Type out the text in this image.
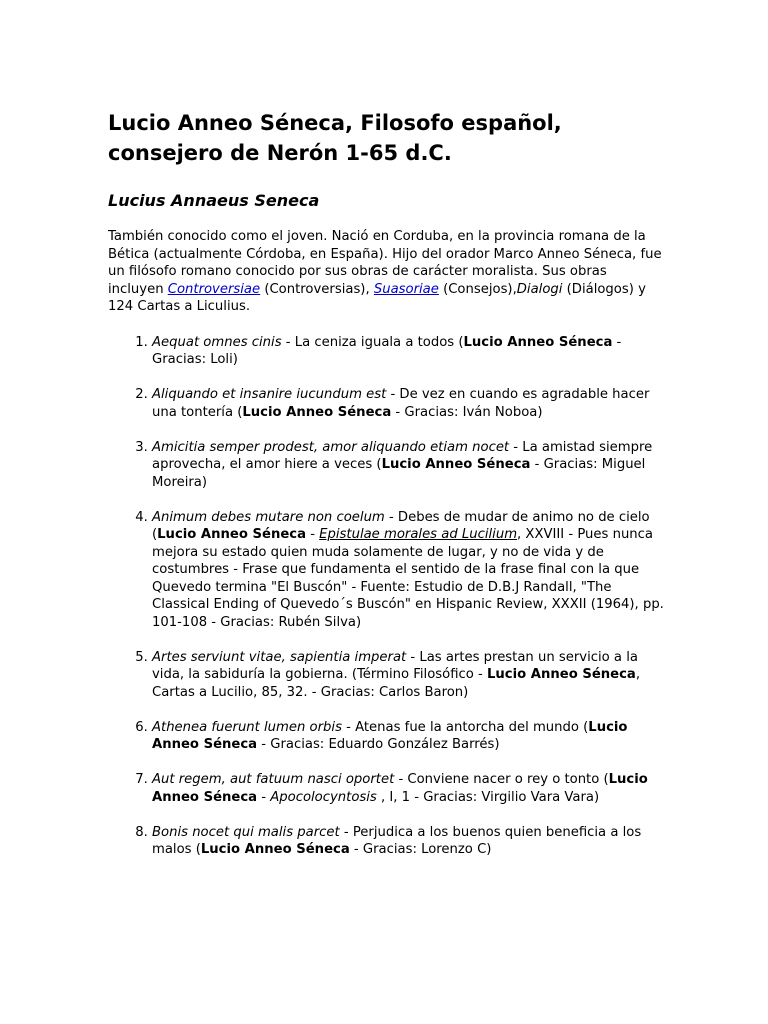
Lucio Anneo Séneca, Filosofo español, consejero de Nerón 1-65 d.C.
Lucius Annaeus Seneca

También conocido como el joven. Nació en Corduba, en la provincia romana de la Bética (actualmente Córdoba, en España). Hijo del orador Marco Anneo Séneca, fue un filósofo romano conocido por sus obras de carácter moralista. Sus obras incluyen Controversiae (Controversias), Suasoriae (Consejos),Dialogi (Diálogos) y 124 Cartas a Liculius.

1. Aequat omnes cinis - La ceniza iguala a todos (Lucio Anneo Séneca - Gracias: Loli)
2. Aliquando et insanire iucundum est - De vez en cuando es agradable hacer una tontería (Lucio Anneo Séneca - Gracias: Iván Noboa)
3. Amicitia semper prodest, amor aliquando etiam nocet - La amistad siempre aprovecha, el amor hiere a veces (Lucio Anneo Séneca - Gracias: Miguel Moreira)
4. Animum debes mutare non coelum - Debes de mudar de animo no de cielo (Lucio Anneo Séneca - Epistulae morales ad Lucilium, XXVIII - Pues nunca mejora su estado quien muda solamente de lugar, y no de vida y de costumbres - Frase que fundamenta el sentido de la frase final con la que Quevedo termina "El Buscón" - Fuente: Estudio de D.B.J Randall, "The Classical Ending of Quevedo´s Buscón" en Hispanic Review, XXXII (1964), pp. 101-108 - Gracias: Rubén Silva)
5. Artes serviunt vitae, sapientia imperat - Las artes prestan un servicio a la vida, la sabiduría la gobierna. (Término Filosófico - Lucio Anneo Séneca, Cartas a Lucilio, 85, 32. - Gracias: Carlos Baron)
6. Athenea fuerunt lumen orbis - Atenas fue la antorcha del mundo (Lucio Anneo Séneca - Gracias: Eduardo González Barrés)
7. Aut regem, aut fatuum nasci oportet - Conviene nacer o rey o tonto (Lucio Anneo Séneca - Apocolocyntosis , I, 1 - Gracias: Virgilio Vara Vara)
8. Bonis nocet qui malis parcet - Perjudica a los buenos quien beneficia a los malos (Lucio Anneo Séneca - Gracias: Lorenzo C)
